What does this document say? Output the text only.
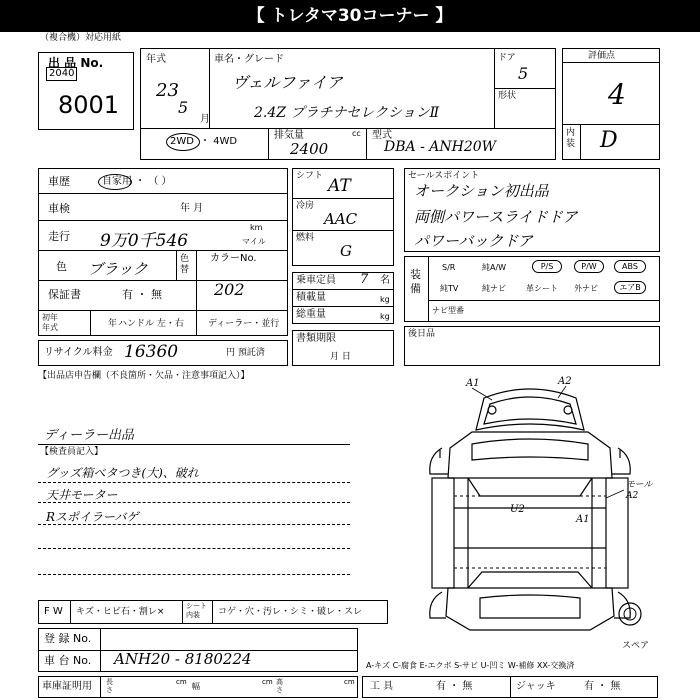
【 トレタマ30コーナー 】
（複合機）対応用紙
出 品 No.
2040
8001
年式
23
5
月
車名・グレード
ヴェルファイア
2.4Z プラチナセレクションⅡ
ドア
5
形状
2WD ・ 4WD
排気量	cc
2400
型式
DBA - ANH20W
評価点
4
内装 D
車歴	自家用 ・ （ ）
車検	年 月
走行 9万0千546
km
マイル
色 ブラック
色替
カラーNo.
202
保証書	有 ・ 無
初年
年式	年 ハンドル 左・右	ディーラー・並行
シフト AT
冷房
AAC
燃料
G
乗車定員 7 名
積載量	kg
総重量	kg
書類期限
月 日
セールスポイント
オークション初出品
両側パワースライドドア
パワーバックドア
装備
S/R	純A/W	P/S	P/W	ABS
純TV	純ナビ	革シート 外ナビ	エアB
ナビ型番
後日品
リサイクル料金 16360	円 預託済
【出品店申告欄（不良箇所・欠品・注意事項記入）】
ディーラー出品
【検査員記入】
グッズ箱べタつき(大)、破れ
天井モーター
Rスポイラーバゲ
A1	A2
U2
A1
モール A2
スペア
F W キズ・ヒビ石・割レ×
シート内装	コゲ・穴・汚レ・シミ・破レ・スレ
登 録 No.
車 台 No. ANH20 - 8180224	A-キズ C-腐食 E-エクボ S-サビ U-凹ミ W-補修 XX-交換済
車庫証明用 長さ
cm 幅	cm 高さ
cm 工 具	有 ・ 無	ジャッキ	有 ・ 無
